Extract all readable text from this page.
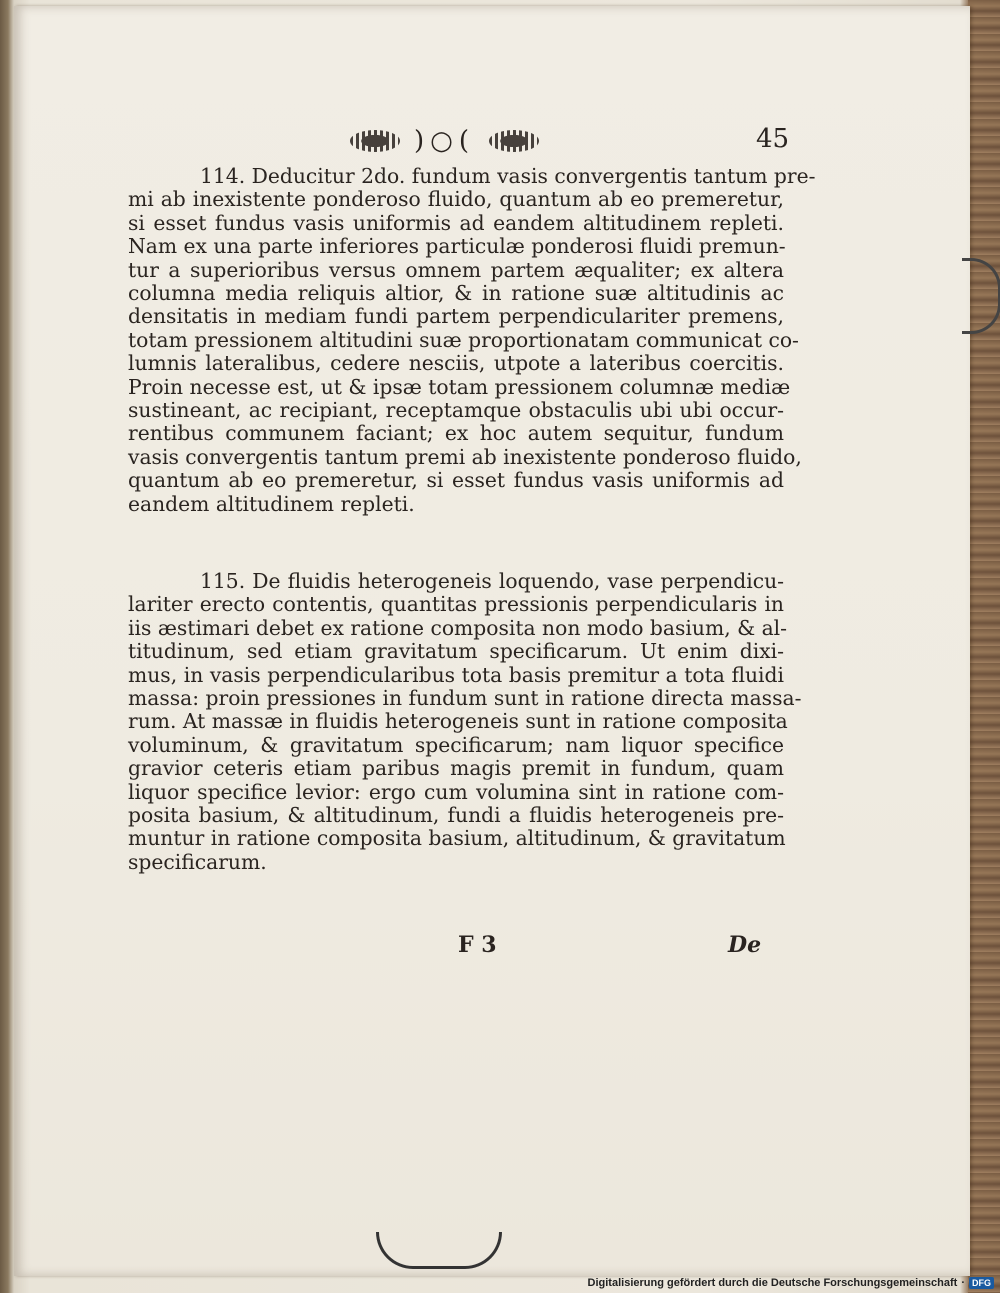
)○(	45
114. Deducitur 2do. fundum vasis convergentis tantum pre-
mi ab inexistente ponderoso fluido, quantum ab eo premeretur,
si esset fundus vasis uniformis ad eandem altitudinem repleti.
Nam ex una parte inferiores particulæ ponderosi fluidi premun-
tur a superioribus versus omnem partem æqualiter; ex altera
columna media reliquis altior, & in ratione suæ altitudinis ac
densitatis in mediam fundi partem perpendiculariter premens,
totam pressionem altitudini suæ proportionatam communicat co-
lumnis lateralibus, cedere nesciis, utpote a lateribus coercitis.
Proin necesse est, ut & ipsæ totam pressionem columnæ mediæ
sustineant, ac recipiant, receptamque obstaculis ubi ubi occur-
rentibus communem faciant; ex hoc autem sequitur, fundum
vasis convergentis tantum premi ab inexistente ponderoso fluido,
quantum ab eo premeretur, si esset fundus vasis uniformis ad
eandem altitudinem repleti.
115. De fluidis heterogeneis loquendo, vase perpendicu-
lariter erecto contentis, quantitas pressionis perpendicularis in
iis æstimari debet ex ratione composita non modo basium, & al-
titudinum, sed etiam gravitatum specificarum. Ut enim dixi-
mus, in vasis perpendicularibus tota basis premitur a tota fluidi
massa: proin pressiones in fundum sunt in ratione directa massa-
rum. At massæ in fluidis heterogeneis sunt in ratione composita
voluminum, & gravitatum specificarum; nam liquor specifice
gravior ceteris etiam paribus magis premit in fundum, quam
liquor specifice levior: ergo cum volumina sint in ratione com-
posita basium, & altitudinum, fundi a fluidis heterogeneis pre-
muntur in ratione composita basium, altitudinum, & gravitatum
specificarum.
F 3	De
Digitalisierung gefördert durch die Deutsche Forschungsgemeinschaft · DFG
